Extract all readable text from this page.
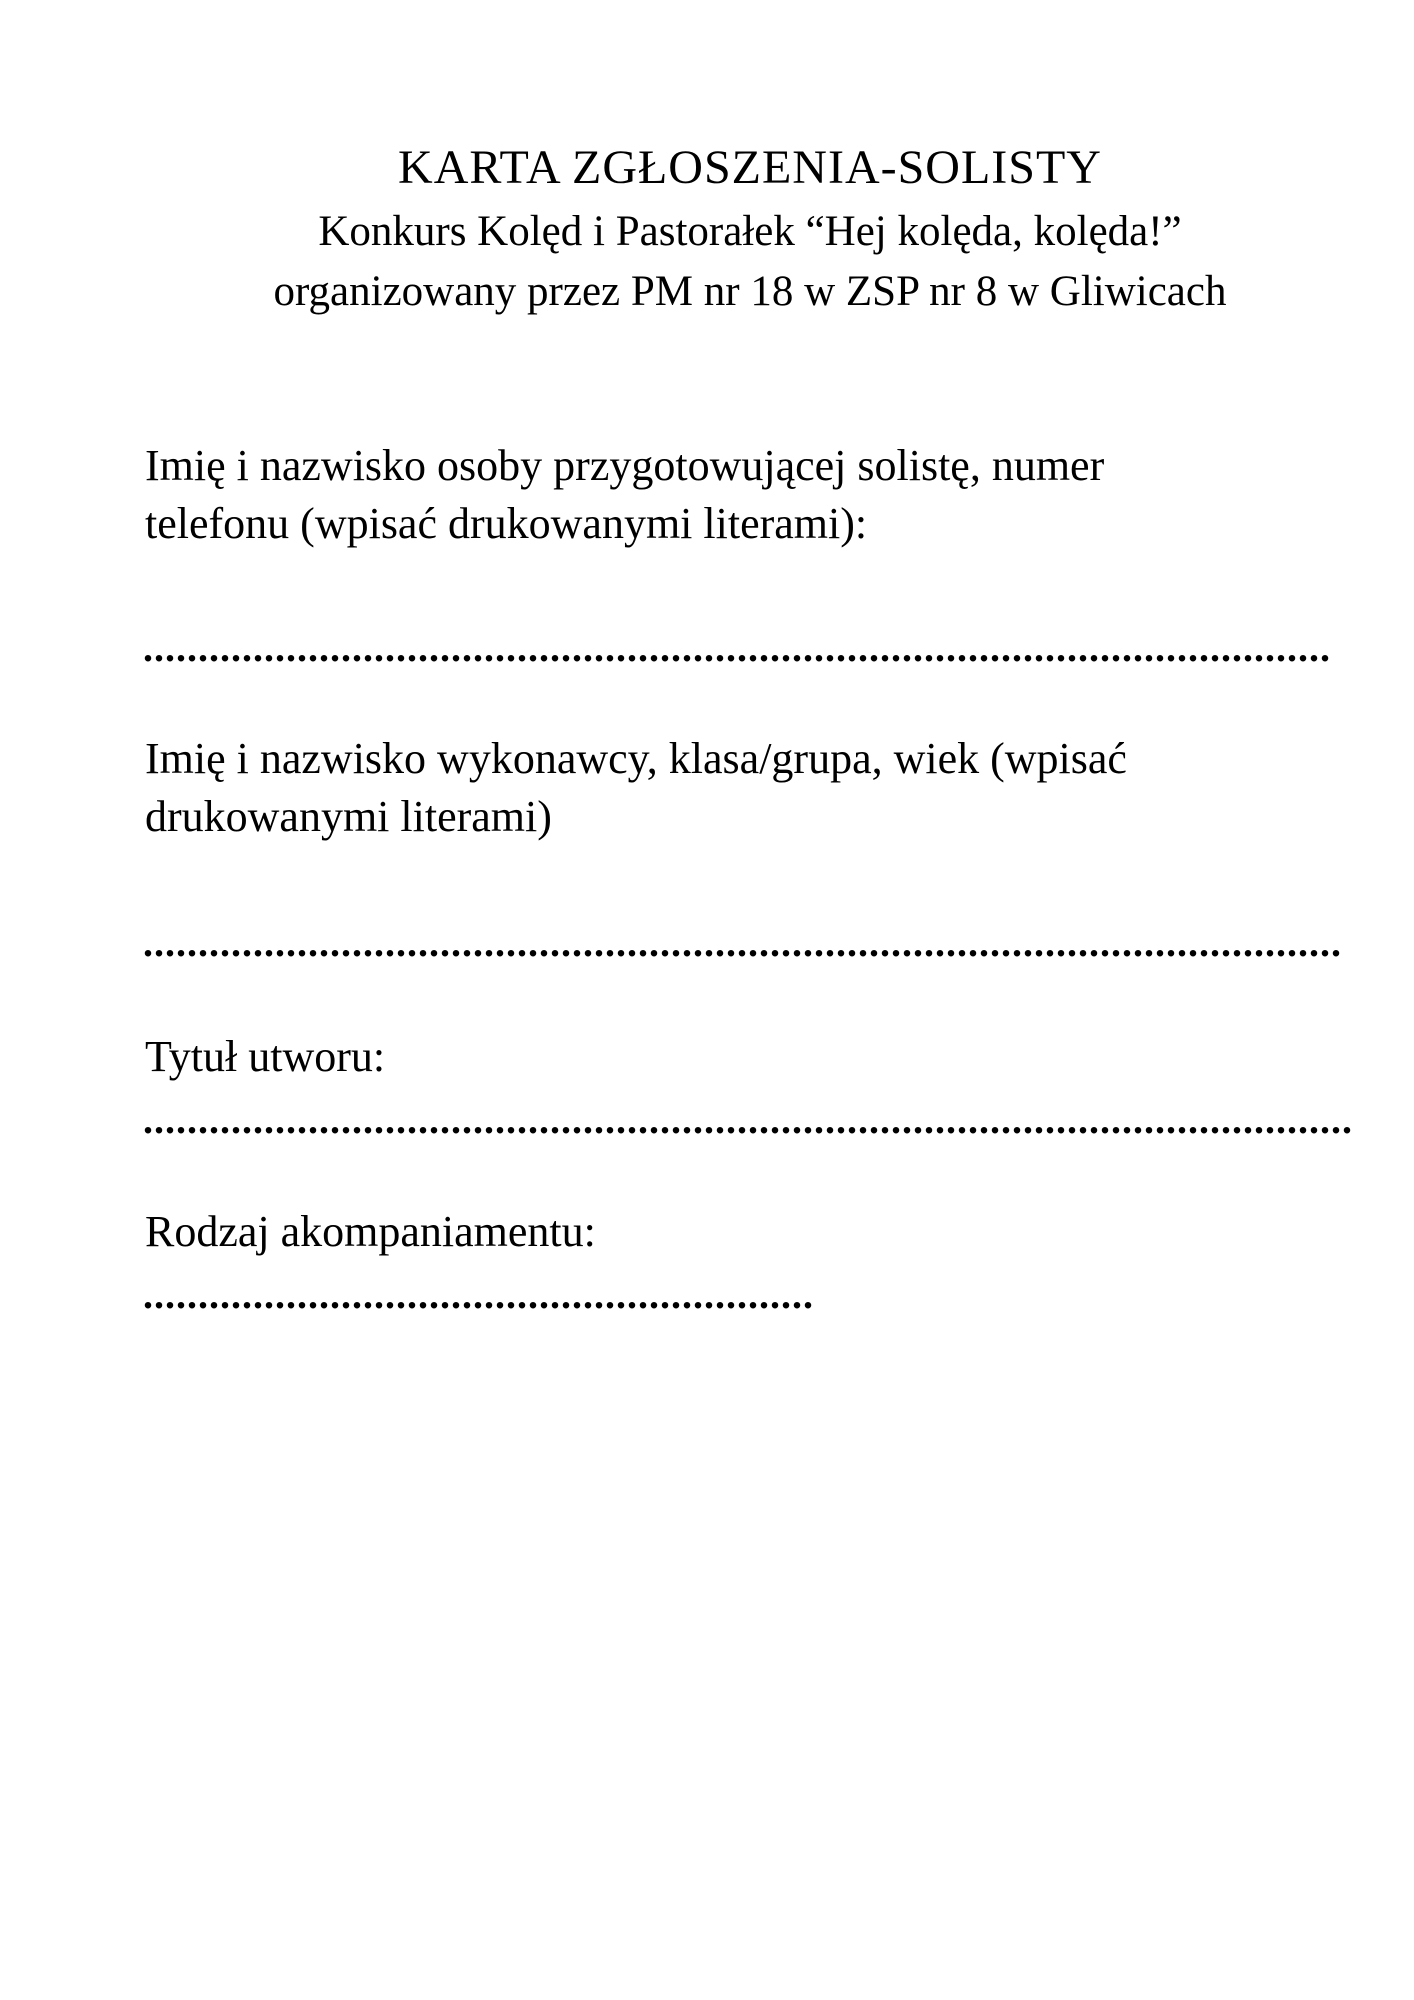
KARTA ZGŁOSZENIA-SOLISTY
Konkurs Kolęd i Pastorałek “Hej kolęda, kolęda!”
organizowany przez PM nr 18 w ZSP nr 8 w Gliwicach
Imię i nazwisko osoby przygotowującej solistę, numer
telefonu (wpisać drukowanymi literami):
............................................................................................................
Imię i nazwisko wykonawcy, klasa/grupa, wiek (wpisać
drukowanymi literami)
.............................................................................................................
Tytuł utworu:
..............................................................................................................
Rodzaj akompaniamentu:
.............................................................
